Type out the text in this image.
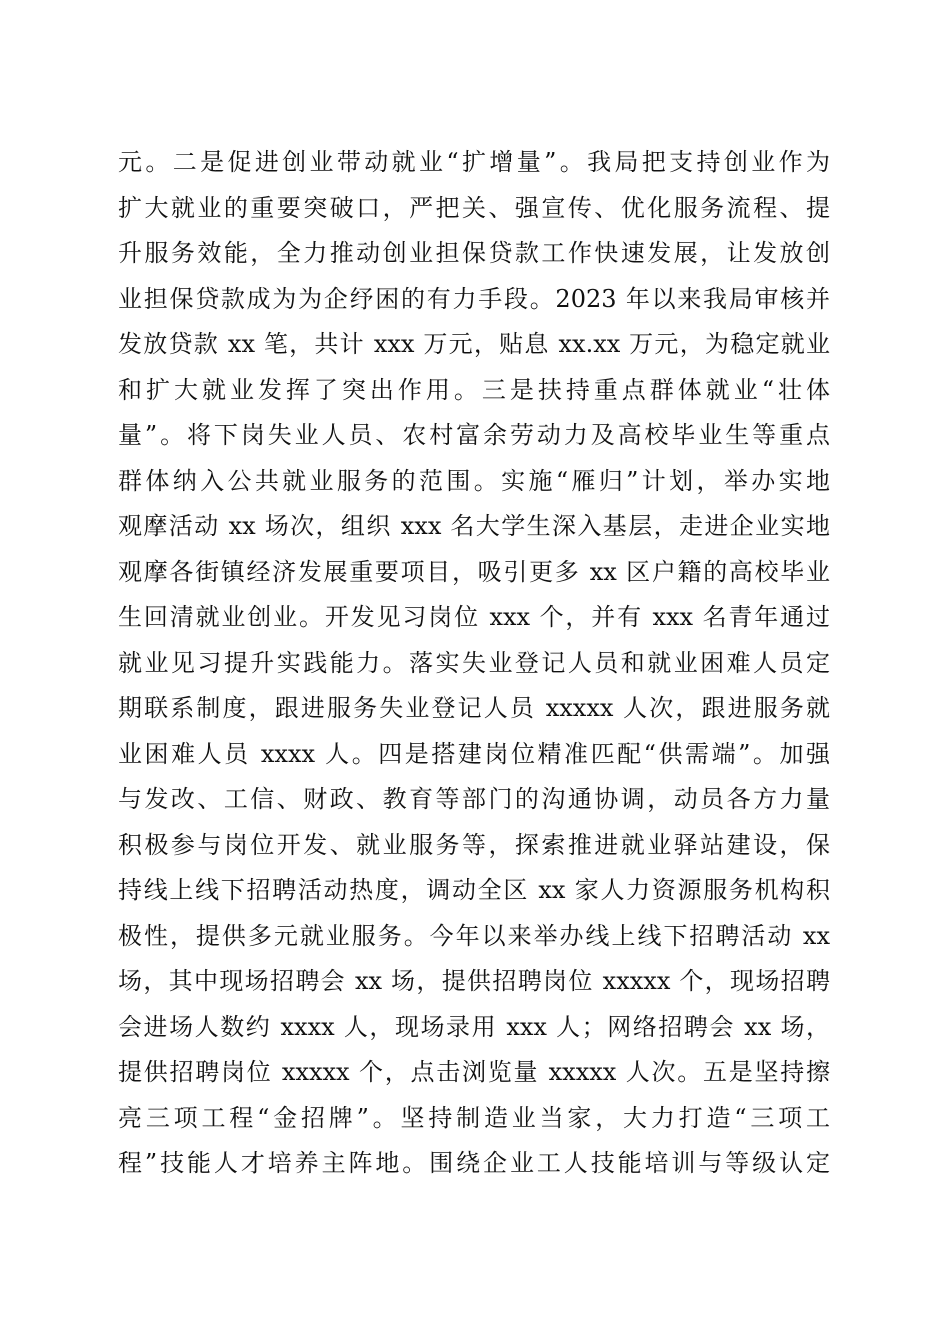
元。二是促进创业带动就业“扩增量”。我局把支持创业作为
扩大就业的重要突破口，严把关、强宣传、优化服务流程、提
升服务效能，全力推动创业担保贷款工作快速发展，让发放创
业担保贷款成为为企纾困的有力手段。2023 年以来我局审核并
发放贷款 xx 笔，共计 xxx 万元，贴息 xx.xx 万元，为稳定就业
和扩大就业发挥了突出作用。三是扶持重点群体就业“壮体
量”。将下岗失业人员、农村富余劳动力及高校毕业生等重点
群体纳入公共就业服务的范围。实施“雁归”计划，举办实地
观摩活动 xx 场次，组织 xxx 名大学生深入基层，走进企业实地
观摩各街镇经济发展重要项目，吸引更多 xx 区户籍的高校毕业
生回清就业创业。开发见习岗位 xxx 个，并有 xxx 名青年通过
就业见习提升实践能力。落实失业登记人员和就业困难人员定
期联系制度，跟进服务失业登记人员 xxxxx 人次，跟进服务就
业困难人员 xxxx 人。四是搭建岗位精准匹配“供需端”。加强
与发改、工信、财政、教育等部门的沟通协调，动员各方力量
积极参与岗位开发、就业服务等，探索推进就业驿站建设，保
持线上线下招聘活动热度，调动全区 xx 家人力资源服务机构积
极性，提供多元就业服务。今年以来举办线上线下招聘活动 xx
场，其中现场招聘会 xx 场，提供招聘岗位 xxxxx 个，现场招聘
会进场人数约 xxxx 人，现场录用 xxx 人；网络招聘会 xx 场，
提供招聘岗位 xxxxx 个，点击浏览量 xxxxx 人次。五是坚持擦
亮三项工程“金招牌”。坚持制造业当家，大力打造“三项工
程”技能人才培养主阵地。围绕企业工人技能培训与等级认定
